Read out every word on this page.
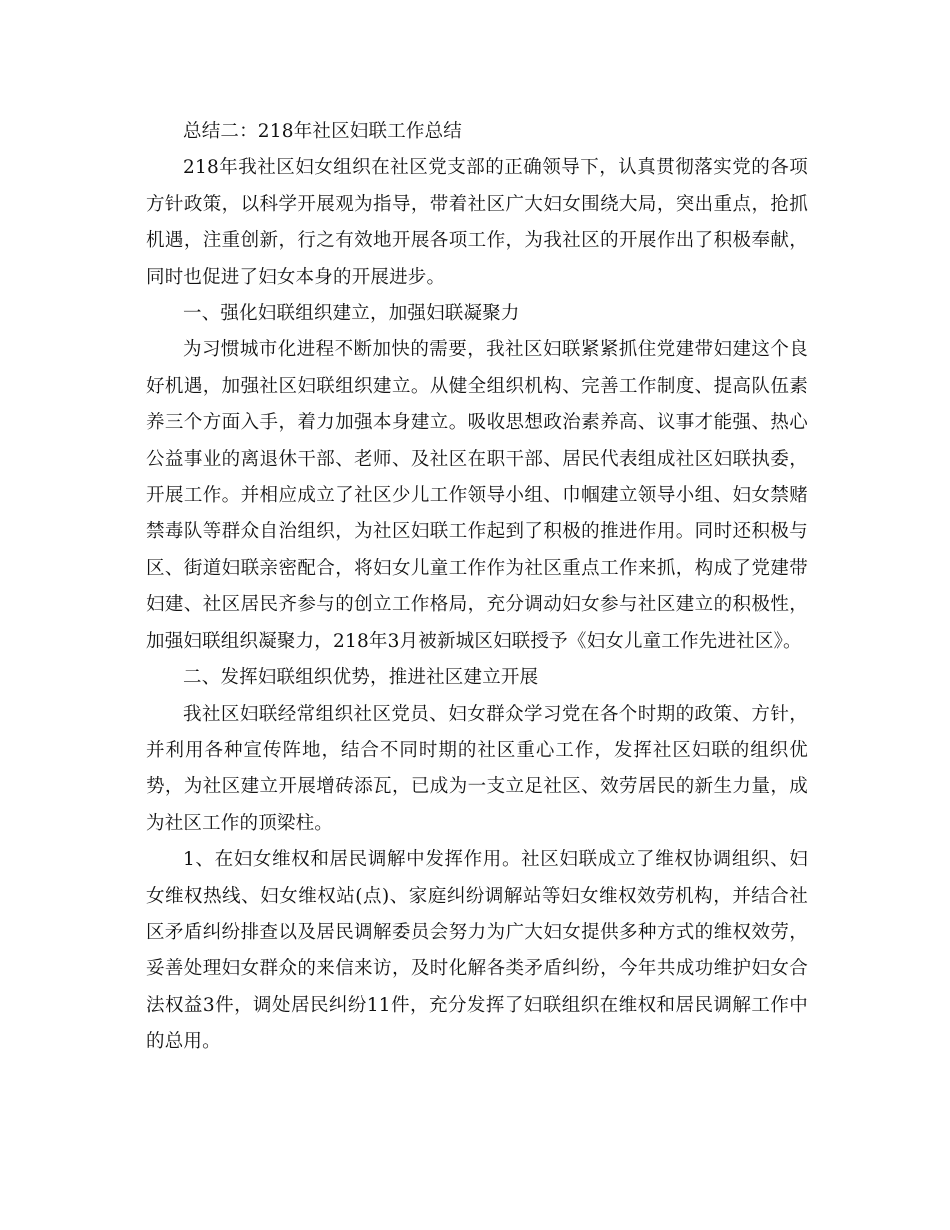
总结二：218年社区妇联工作总结

218年我社区妇女组织在社区党支部的正确领导下，认真贯彻落实党的各项方针政策，以科学开展观为指导，带着社区广大妇女围绕大局，突出重点，抢抓机遇，注重创新，行之有效地开展各项工作，为我社区的开展作出了积极奉献，同时也促进了妇女本身的开展进步。

一、强化妇联组织建立，加强妇联凝聚力

为习惯城市化进程不断加快的需要，我社区妇联紧紧抓住党建带妇建这个良好机遇，加强社区妇联组织建立。从健全组织机构、完善工作制度、提高队伍素养三个方面入手，着力加强本身建立。吸收思想政治素养高、议事才能强、热心公益事业的离退休干部、老师、及社区在职干部、居民代表组成社区妇联执委，开展工作。并相应成立了社区少儿工作领导小组、巾帼建立领导小组、妇女禁赌禁毒队等群众自治组织，为社区妇联工作起到了积极的推进作用。同时还积极与区、街道妇联亲密配合，将妇女儿童工作作为社区重点工作来抓，构成了党建带妇建、社区居民齐参与的创立工作格局，充分调动妇女参与社区建立的积极性，加强妇联组织凝聚力，218年3月被新城区妇联授予《妇女儿童工作先进社区》。

二、发挥妇联组织优势，推进社区建立开展

我社区妇联经常组织社区党员、妇女群众学习党在各个时期的政策、方针，并利用各种宣传阵地，结合不同时期的社区重心工作，发挥社区妇联的组织优势，为社区建立开展增砖添瓦，已成为一支立足社区、效劳居民的新生力量，成为社区工作的顶梁柱。

1、在妇女维权和居民调解中发挥作用。社区妇联成立了维权协调组织、妇女维权热线、妇女维权站(点)、家庭纠纷调解站等妇女维权效劳机构，并结合社区矛盾纠纷排查以及居民调解委员会努力为广大妇女提供多种方式的维权效劳，妥善处理妇女群众的来信来访，及时化解各类矛盾纠纷，今年共成功维护妇女合法权益3件，调处居民纠纷11件，充分发挥了妇联组织在维权和居民调解工作中的总用。
